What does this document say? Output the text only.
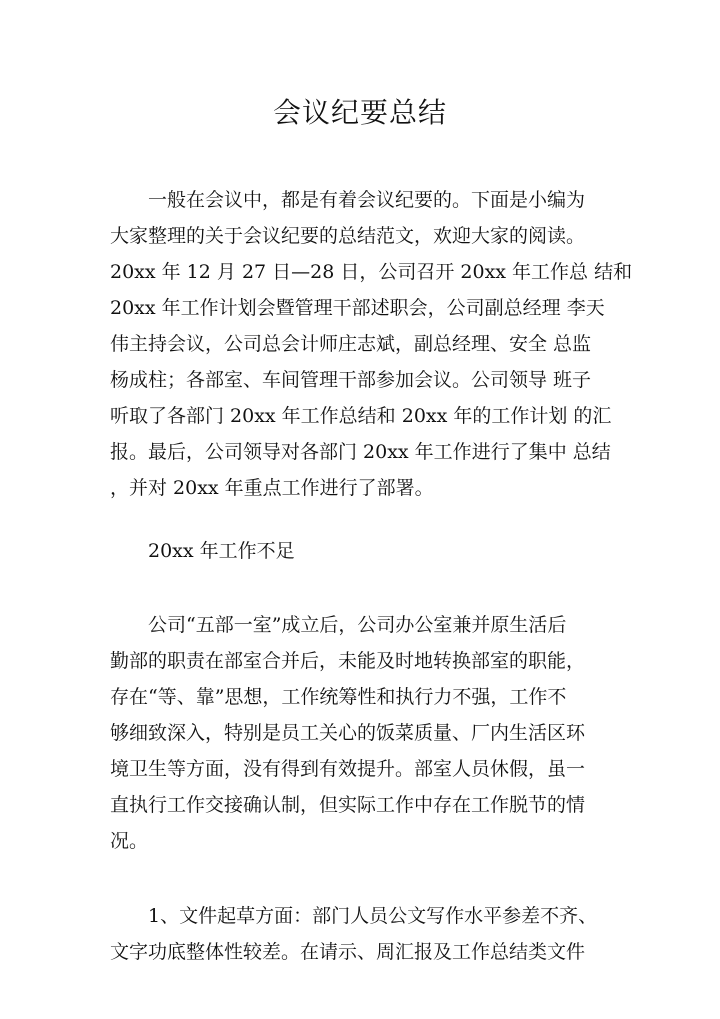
会议纪要总结
一般在会议中，都是有着会议纪要的。下面是小编为
大家整理的关于会议纪要的总结范文，欢迎大家的阅读。
20xx 年 12 月 27 日—28 日，公司召开 20xx 年工作总 结和
20xx 年工作计划会暨管理干部述职会，公司副总经理 李天
伟主持会议，公司总会计师庄志斌，副总经理、安全 总监
杨成柱；各部室、车间管理干部参加会议。公司领导 班子
听取了各部门 20xx 年工作总结和 20xx 年的工作计划 的汇
报。最后，公司领导对各部门 20xx 年工作进行了集中 总结
，并对 20xx 年重点工作进行了部署。
20xx 年工作不足
公司“五部一室”成立后，公司办公室兼并原生活后
勤部的职责在部室合并后，未能及时地转换部室的职能，
存在“等、靠”思想，工作统筹性和执行力不强，工作不
够细致深入，特别是员工关心的饭菜质量、厂内生活区环
境卫生等方面，没有得到有效提升。部室人员休假，虽一
直执行工作交接确认制，但实际工作中存在工作脱节的情
况。
1、文件起草方面：部门人员公文写作水平参差不齐、
文字功底整体性较差。在请示、周汇报及工作总结类文件
